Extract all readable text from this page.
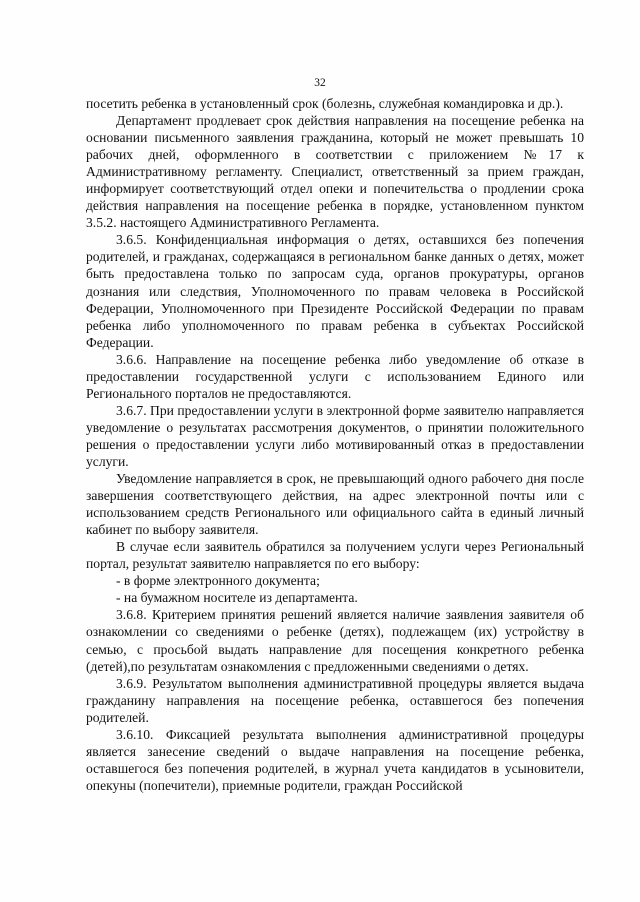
32

посетить ребенка в установленный срок (болезнь, служебная командировка и др.).

Департамент продлевает срок действия направления на посещение ребенка на основании письменного заявления гражданина, который не может превышать 10 рабочих дней, оформленного в соответствии с приложением №17 к Административному регламенту. Специалист, ответственный за прием граждан, информирует соответствующий отдел опеки и попечительства о продлении срока действия направления на посещение ребенка в порядке, установленном пунктом 3.5.2. настоящего Административного Регламента.

3.6.5. Конфиденциальная информация о детях, оставшихся без попечения родителей, и гражданах, содержащаяся в региональном банке данных о детях, может быть предоставлена только по запросам суда, органов прокуратуры, органов дознания или следствия, Уполномоченного по правам человека в Российской Федерации, Уполномоченного при Президенте Российской Федерации по правам ребенка либо уполномоченного по правам ребенка в субъектах Российской Федерации.

3.6.6. Направление на посещение ребенка либо уведомление об отказе в предоставлении государственной услуги с использованием Единого или Регионального порталов не предоставляются.

3.6.7. При предоставлении услуги в электронной форме заявителю направляется уведомление о результатах рассмотрения документов, о принятии положительного решения о предоставлении услуги либо мотивированный отказ в предоставлении услуги.

Уведомление направляется в срок, не превышающий одного рабочего дня после завершения соответствующего действия, на адрес электронной почты или с использованием средств Регионального или официального сайта в единый личный кабинет по выбору заявителя.

В случае если заявитель обратился за получением услуги через Региональный портал, результат заявителю направляется по его выбору:

- в форме электронного документа;

- на бумажном носителе из департамента.

3.6.8. Критерием принятия решений является наличие заявления заявителя об ознакомлении со сведениями о ребенке (детях), подлежащем (их) устройству в семью, с просьбой выдать направление для посещения конкретного ребенка (детей),по результатам ознакомления с предложенными сведениями о детях.

3.6.9. Результатом выполнения административной процедуры является выдача гражданину направления на посещение ребенка, оставшегося без попечения родителей.

3.6.10. Фиксацией результата выполнения административной процедуры является занесение сведений о выдаче направления на посещение ребенка, оставшегося без попечения родителей, в журнал учета кандидатов в усыновители, опекуны (попечители), приемные родители, граждан Российской
